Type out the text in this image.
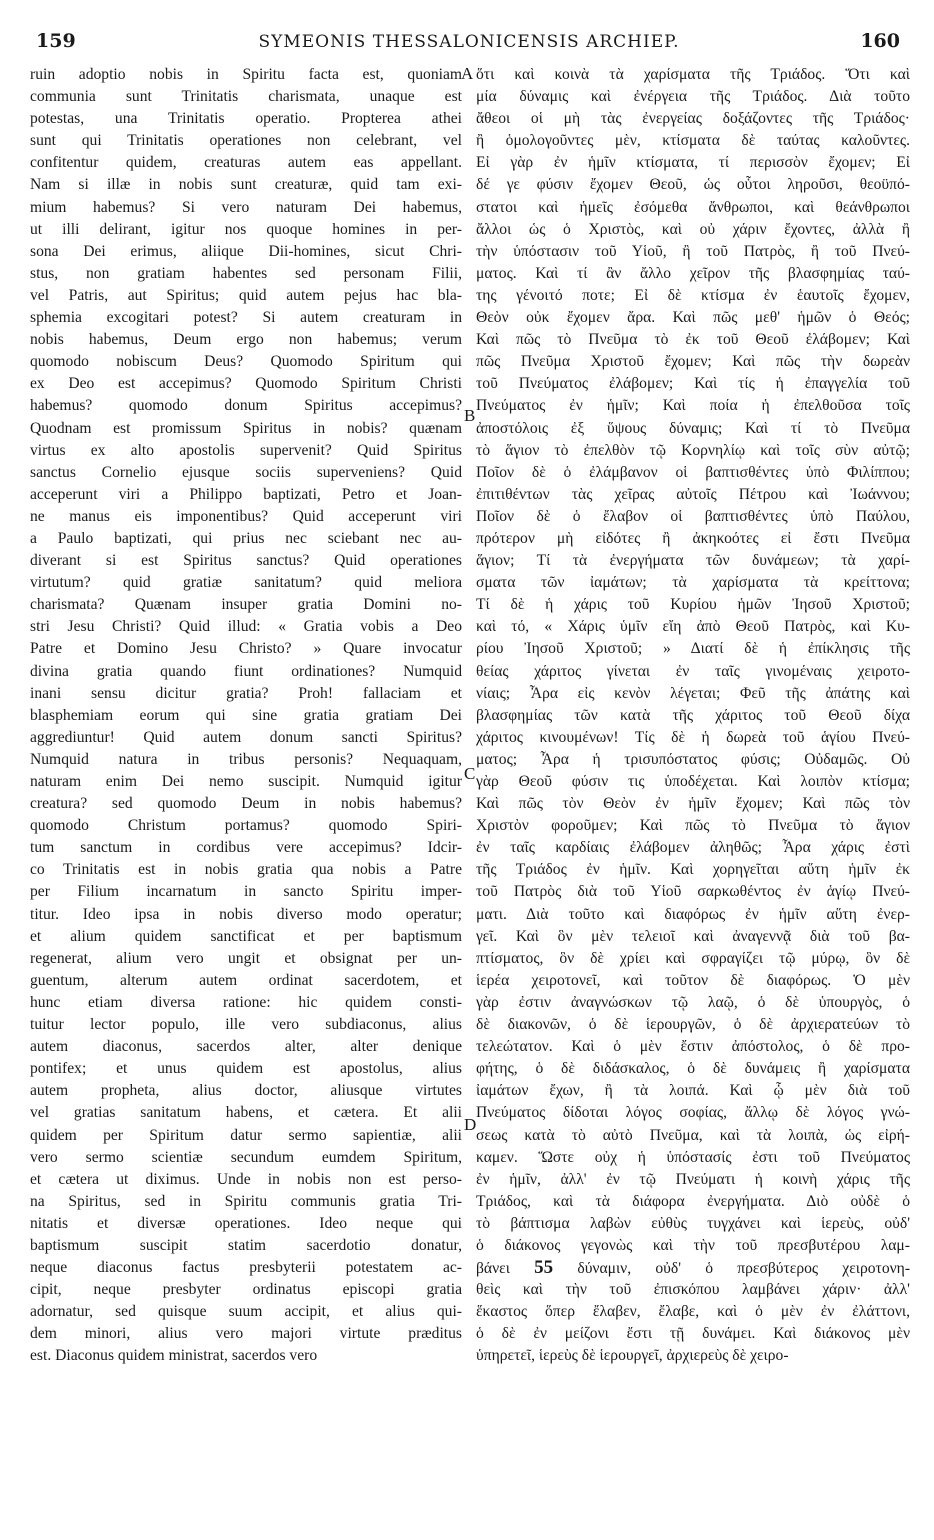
159	SYMEONIS THESSALONICENSIS ARCHIEP.	160
ruin adoptio nobis in Spiritu facta est, quoniam
communia sunt Trinitatis charismata, unaque est
potestas, una Trinitatis operatio. Propterea athei
sunt qui Trinitatis operationes non celebrant, vel
confitentur quidem, creaturas autem eas appellant.
Nam si illæ in nobis sunt creaturæ, quid tam exi-
mium habemus? Si vero naturam Dei habemus,
ut illi delirant, igitur nos quoque homines in per-
sona Dei erimus, aliique Dii-homines, sicut Chri-
stus, non gratiam habentes sed personam Filii,
vel Patris, aut Spiritus; quid autem pejus hac bla-
sphemia excogitari potest? Si autem creaturam in
nobis habemus, Deum ergo non habemus; verum
quomodo nobiscum Deus? Quomodo Spiritum qui
ex Deo est accepimus? Quomodo Spiritum Christi
habemus? quomodo donum Spiritus accepimus?
Quodnam est promissum Spiritus in nobis? quænam
virtus ex alto apostolis supervenit? Quid Spiritus
sanctus Cornelio ejusque sociis superveniens? Quid
acceperunt viri a Philippo baptizati, Petro et Joan-
ne manus eis imponentibus? Quid acceperunt viri
a Paulo baptizati, qui prius nec sciebant nec au-
diverant si est Spiritus sanctus? Quid operationes
virtutum? quid gratiæ sanitatum? quid meliora
charismata? Quænam insuper gratia Domini no-
stri Jesu Christi? Quid illud: « Gratia vobis a Deo
Patre et Domino Jesu Christo? » Quare invocatur
divina gratia quando fiunt ordinationes? Numquid
inani sensu dicitur gratia? Proh! fallaciam et
blasphemiam eorum qui sine gratia gratiam Dei
aggrediuntur! Quid autem donum sancti Spiritus?
Numquid natura in tribus personis? Nequaquam,
naturam enim Dei nemo suscipit. Numquid igitur
creatura? sed quomodo Deum in nobis habemus?
quomodo Christum portamus? quomodo Spiri-
tum sanctum in cordibus vere accepimus? Idcir-
co Trinitatis est in nobis gratia qua nobis a Patre
per Filium incarnatum in sancto Spiritu imper-
titur. Ideo ipsa in nobis diverso modo operatur;
et alium quidem sanctificat et per baptismum
regenerat, alium vero ungit et obsignat per un-
guentum, alterum autem ordinat sacerdotem, et
hunc etiam diversa ratione: hic quidem consti-
tuitur lector populo, ille vero subdiaconus, alius
autem diaconus, sacerdos alter, alter denique
pontifex; et unus quidem est apostolus, alius
autem propheta, alius doctor, aliusque virtutes
vel gratias sanitatum habens, et cætera. Et alii
quidem per Spiritum datur sermo sapientiæ, alii
vero sermo scientiæ secundum eumdem Spiritum,
et cætera ut diximus. Unde in nobis non est perso-
na Spiritus, sed in Spiritu communis gratia Tri-
nitatis et diversæ operationes. Ideo neque qui
baptismum suscipit statim sacerdotio donatur,
neque diaconus factus presbyterii potestatem ac-
cipit, neque presbyter ordinatus episcopi gratia
adornatur, sed quisque suum accipit, et alius qui-
dem minori, alius vero majori virtute præditus
est. Diaconus quidem ministrat, sacerdos vero
ὅτι καὶ κοινὰ τὰ χαρίσματα τῆς Τριάδος. Ὅτι καὶ
μία δύναμις καὶ ἐνέργεια τῆς Τριάδος. Διὰ τοῦτο
ἄθεοι οἱ μὴ τὰς ἐνεργείας δοξάζοντες τῆς Τριάδος·
ἢ ὁμολογοῦντες μὲν, κτίσματα δὲ ταύτας καλοῦντες.
Εἰ γὰρ ἐν ἡμῖν κτίσματα, τί περισσὸν ἔχομεν; Εἰ
δέ γε φύσιν ἔχομεν Θεοῦ, ὡς οὗτοι ληροῦσι, θεοϋπό-
στατοι καὶ ἡμεῖς ἐσόμεθα ἄνθρωποι, καὶ θεάνθρωποι
ἄλλοι ὡς ὁ Χριστὸς, καὶ οὐ χάριν ἔχοντες, ἀλλὰ ἢ
τὴν ὑπόστασιν τοῦ Υἱοῦ, ἢ τοῦ Πατρὸς, ἢ τοῦ Πνεύ-
ματος. Καὶ τί ἂν ἄλλο χεῖρον τῆς βλασφημίας ταύ-
της γένοιτό ποτε; Εἰ δὲ κτίσμα ἐν ἑαυτοῖς ἔχομεν,
Θεὸν οὐκ ἔχομεν ἄρα. Καὶ πῶς μεθ' ἡμῶν ὁ Θεός;
Καὶ πῶς τὸ Πνεῦμα τὸ ἐκ τοῦ Θεοῦ ἐλάβομεν; Καὶ
πῶς Πνεῦμα Χριστοῦ ἔχομεν; Καὶ πῶς τὴν δωρεὰν
τοῦ Πνεύματος ἐλάβομεν; Καὶ τίς ἡ ἐπαγγελία τοῦ
Πνεύματος ἐν ἡμῖν; Καὶ ποία ἡ ἐπελθοῦσα τοῖς
ἀποστόλοις ἐξ ὕψους δύναμις; Καὶ τί τὸ Πνεῦμα
τὸ ἅγιον τὸ ἐπελθὸν τῷ Κορνηλίῳ καὶ τοῖς σὺν αὐτῷ;
Ποῖον δὲ ὁ ἐλάμβανον οἱ βαπτισθέντες ὑπὸ Φιλίππου;
ἐπιτιθέντων τὰς χεῖρας αὐτοῖς Πέτρου καὶ Ἰωάννου;
Ποῖον δὲ ὁ ἔλαβον οἱ βαπτισθέντες ὑπὸ Παύλου,
πρότερον μὴ εἰδότες ἢ ἀκηκοότες εἰ ἔστι Πνεῦμα
ἅγιον; Τί τὰ ἐνεργήματα τῶν δυνάμεων; τὰ χαρί-
σματα τῶν ἰαμάτων; τὰ χαρίσματα τὰ κρείττονα;
Τί δὲ ἡ χάρις τοῦ Κυρίου ἡμῶν Ἰησοῦ Χριστοῦ;
καὶ τό, « Χάρις ὑμῖν εἴη ἀπὸ Θεοῦ Πατρὸς, καὶ Κυ-
ρίου Ἰησοῦ Χριστοῦ; » Διατί δὲ ἡ ἐπίκλησις τῆς
θείας χάριτος γίνεται ἐν ταῖς γινομέναις χειροτο-
νίαις; Ἆρα εἰς κενὸν λέγεται; Φεῦ τῆς ἀπάτης καὶ
βλασφημίας τῶν κατὰ τῆς χάριτος τοῦ Θεοῦ δίχα
χάριτος κινουμένων! Τίς δὲ ἡ δωρεὰ τοῦ ἁγίου Πνεύ-
ματος; Ἆρα ἡ τρισυπόστατος φύσις; Οὐδαμῶς. Οὐ
γὰρ Θεοῦ φύσιν τις ὑποδέχεται. Καὶ λοιπὸν κτίσμα;
Καὶ πῶς τὸν Θεὸν ἐν ἡμῖν ἔχομεν; Καὶ πῶς τὸν
Χριστὸν φοροῦμεν; Καὶ πῶς τὸ Πνεῦμα τὸ ἅγιον
ἐν ταῖς καρδίαις ἐλάβομεν ἀληθῶς; Ἆρα χάρις ἐστὶ
τῆς Τριάδος ἐν ἡμῖν. Καὶ χορηγεῖται αὕτη ἡμῖν ἐκ
τοῦ Πατρὸς διὰ τοῦ Υἱοῦ σαρκωθέντος ἐν ἁγίῳ Πνεύ-
ματι. Διὰ τοῦτο καὶ διαφόρως ἐν ἡμῖν αὕτη ἐνερ-
γεῖ. Καὶ ὃν μὲν τελειοῖ καὶ ἀναγεννᾷ διὰ τοῦ βα-
πτίσματος, ὃν δὲ χρίει καὶ σφραγίζει τῷ μύρῳ, ὃν δὲ
ἱερέα χειροτονεῖ, καὶ τοῦτον δὲ διαφόρως. Ὁ μὲν
γὰρ ἐστιν ἀναγνώσκων τῷ λαῷ, ὁ δὲ ὑπουργὸς, ὁ
δὲ διακονῶν, ὁ δὲ ἱερουργῶν, ὁ δὲ ἀρχιερατεύων τὸ
τελεώτατον. Καὶ ὁ μὲν ἔστιν ἀπόστολος, ὁ δὲ προ-
φήτης, ὁ δὲ διδάσκαλος, ὁ δὲ δυνάμεις ἢ χαρίσματα
ἰαμάτων ἔχων, ἢ τὰ λοιπά. Καὶ ᾧ μὲν διὰ τοῦ
Πνεύματος δίδοται λόγος σοφίας, ἄλλῳ δὲ λόγος γνώ-
σεως κατὰ τὸ αὐτὸ Πνεῦμα, καὶ τὰ λοιπὰ, ὡς εἰρή-
καμεν. Ὥστε οὐχ ἡ ὑπόστασίς ἐστι τοῦ Πνεύματος
ἐν ἡμῖν, ἀλλ' ἐν τῷ Πνεύματι ἡ κοινὴ χάρις τῆς
Τριάδος, καὶ τὰ διάφορα ἐνεργήματα. Διὸ οὐδὲ ὁ
τὸ βάπτισμα λαβὼν εὐθὺς τυγχάνει καὶ ἱερεὺς, οὐδ'
ὁ διάκονος γεγονὼς καὶ τὴν τοῦ πρεσβυτέρου λαμ-
βάνει 55 δύναμιν, οὐδ' ὁ πρεσβύτερος χειροτονη-
θεὶς καὶ τὴν τοῦ ἐπισκόπου λαμβάνει χάριν· ἀλλ'
ἕκαστος ὅπερ ἔλαβεν, ἔλαβε, καὶ ὁ μὲν ἐν ἐλάττονι,
ὁ δὲ ἐν μείζονι ἔστι τῇ δυνάμει. Καὶ διάκονος μὲν
ὑπηρετεῖ, ἱερεὺς δὲ ἱερουργεῖ, ἀρχιερεὺς δὲ χειρο-
A
B
C
D
